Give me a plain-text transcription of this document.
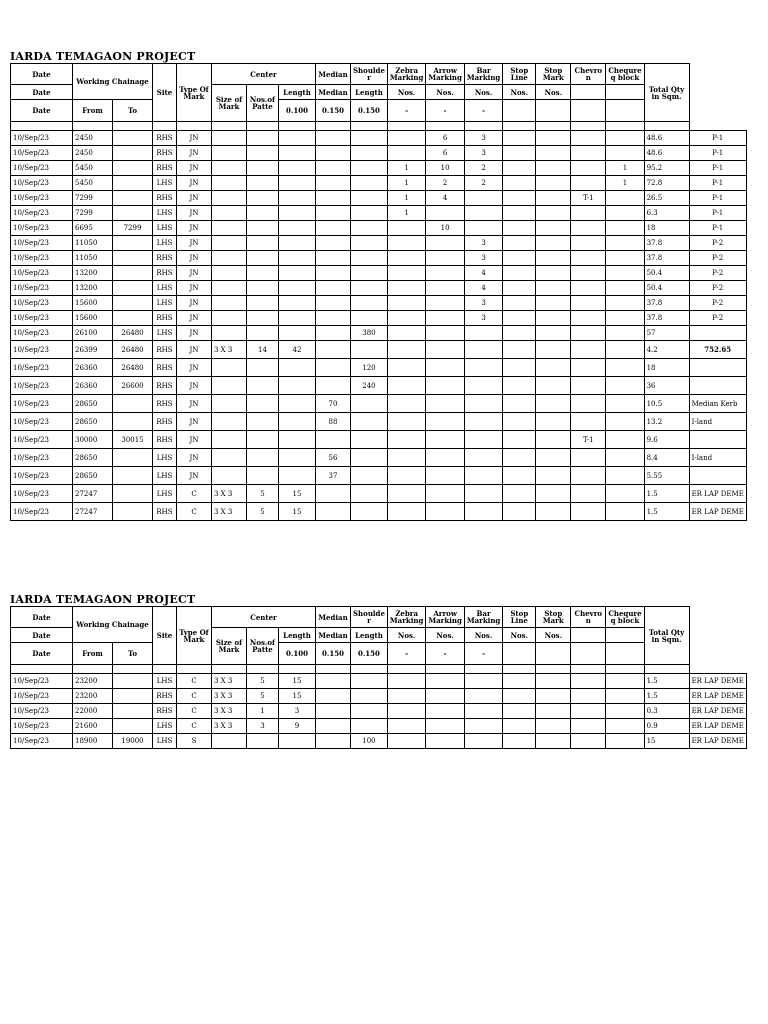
IARDA TEMAGAON PROJECT
Date	Working Chainage		Site	Type Of Mark	Center			Median	Shoulde r	Zebra Marking	Arrow Marking	Bar Marking	Stop Line	Stop Mark	Chevro n	Chequre q block	Total Qty in Sqm.	
Date					Size of Mark	Nos.of Patte	Length	Median	Length	Nos.	Nos.	Nos.	Nos.	Nos.				
Date	From	To					0.100	0.150	0.150	-	-	-						

10/Sep/23	2450		RHS	JN							6	3					48.6	P-1
10/Sep/23	2450		RHS	JN							6	3					48.6	P-1
10/Sep/23	5450		RHS	JN						1	10	2				1	95.2	P-1
10/Sep/23	5450		LHS	JN						1	2	2				1	72.8	P-1
10/Sep/23	7299		RHS	JN						1	4				T-1		26.5	P-1
10/Sep/23	7299		LHS	JN						1							6.3	P-1
10/Sep/23	6695	7299	LHS	JN							10						18	P-1
10/Sep/23	11050		LHS	JN								3					37.8	P-2
10/Sep/23	11050		RHS	JN								3					37.8	P-2
10/Sep/23	13200		RHS	JN								4					50.4	P-2
10/Sep/23	13200		LHS	JN								4					50.4	P-2
10/Sep/23	15600		LHS	JN								3					37.8	P-2
10/Sep/23	15600		RHS	JN								3					37.8	P-2
10/Sep/23	26100	26480	LHS	JN					380								57	
10/Sep/23	26399	26480	RHS	JN	3 X 3	14	42										4.2	752.65
10/Sep/23	26360	26480	RHS	JN					120								18	
10/Sep/23	26360	26600	RHS	JN					240								36	
10/Sep/23	28650		RHS	JN				70									10.5	Median Kerb
10/Sep/23	28650		RHS	JN				88									13.2	I-land
10/Sep/23	30000	30015	RHS	JN											T-1		9.6	
10/Sep/23	28650		LHS	JN				56									8.4	I-land
10/Sep/23	28650		LHS	JN				37									5.55	
10/Sep/23	27247		LHS	C	3 X 3	5	15										1.5	ER LAP DEME
10/Sep/23	27247		RHS	C	3 X 3	5	15										1.5	ER LAP DEME
IARDA TEMAGAON PROJECT
Date	Working Chainage		Site	Type Of Mark	Center			Median	Shoulde r	Zebra Marking	Arrow Marking	Bar Marking	Stop Line	Stop Mark	Chevro n	Chequre q block	Total Qty in Sqm.	
Date					Size of Mark	Nos.of Patte	Length	Median	Length	Nos.	Nos.	Nos.	Nos.	Nos.				
Date	From	To					0.100	0.150	0.150	-	-	-						

10/Sep/23	23200		LHS	C	3 X 3	5	15										1.5	ER LAP DEME
10/Sep/23	23200		RHS	C	3 X 3	5	15										1.5	ER LAP DEME
10/Sep/23	22000		RHS	C	3 X 3	1	3										0.3	ER LAP DEME
10/Sep/23	21600		LHS	C	3 X 3	3	9										0.9	ER LAP DEME
10/Sep/23	18900	19000	LHS	S					100								15	ER LAP DEME
